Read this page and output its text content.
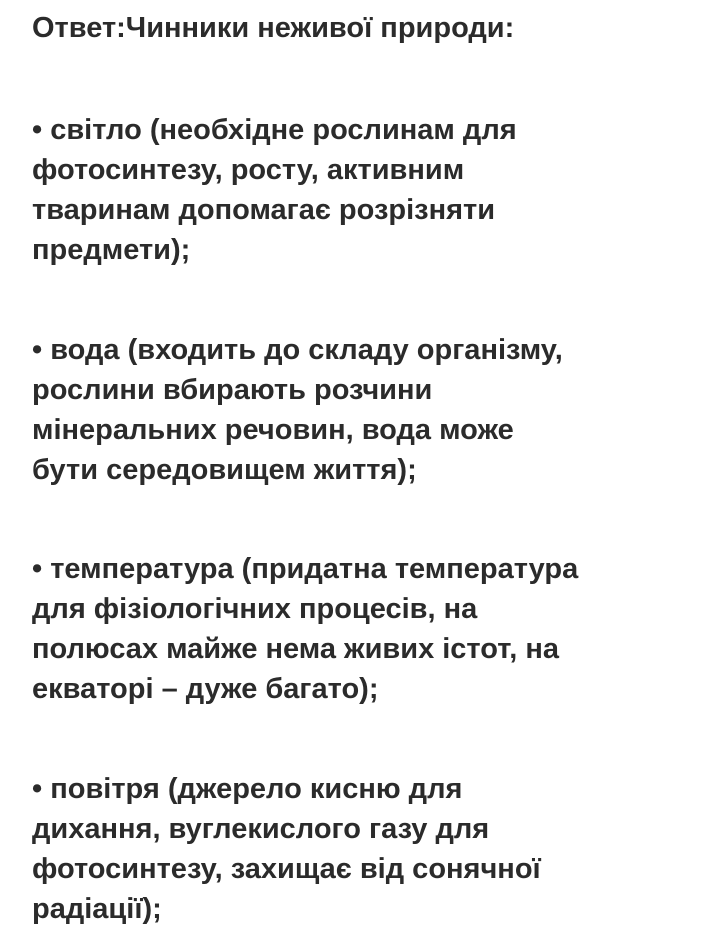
Ответ:Чинники неживої природи:

• світло (необхідне рослинам для
фотосинтезу, росту, активним
тваринам допомагає розрізняти
предмети);

• вода (входить до складу організму,
рослини вбирають розчини
мінеральних речовин, вода може
бути середовищем життя);

• температура (придатна температура
для фізіологічних процесів, на
полюсах майже нема живих істот, на
екваторі – дуже багато);

• повітря (джерело кисню для
дихання, вуглекислого газу для
фотосинтезу, захищає від сонячної
радіації);
